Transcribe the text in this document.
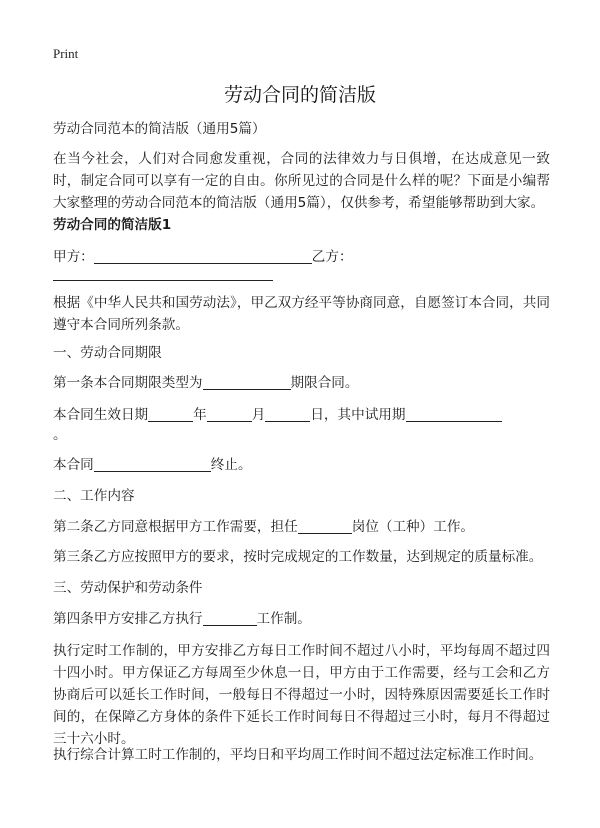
Print
劳动合同的简洁版
劳动合同范本的简洁版（通用5篇）
在当今社会，人们对合同愈发重视，合同的法律效力与日俱增，在达成意见一致时，制定合同可以享有一定的自由。你所见过的合同是什么样的呢？下面是小编帮大家整理的劳动合同范本的简洁版（通用5篇），仅供参考，希望能够帮助到大家。
劳动合同的简洁版1
甲方：	乙方：
根据《中华人民共和国劳动法》，甲乙双方经平等协商同意，自愿签订本合同，共同遵守本合同所列条款。
一、劳动合同期限
第一条本合同期限类型为	期限合同。
本合同生效日期	年	月	日，其中试用期
。
本合同	终止。
二、工作内容
第二条乙方同意根据甲方工作需要，担任	岗位（工种）工作。
第三条乙方应按照甲方的要求，按时完成规定的工作数量，达到规定的质量标准。
三、劳动保护和劳动条件
第四条甲方安排乙方执行	工作制。
执行定时工作制的，甲方安排乙方每日工作时间不超过八小时，平均每周不超过四十四小时。甲方保证乙方每周至少休息一日，甲方由于工作需要，经与工会和乙方协商后可以延长工作时间，一般每日不得超过一小时，因特殊原因需要延长工作时间的，在保障乙方身体的条件下延长工作时间每日不得超过三小时，每月不得超过三十六小时。
执行综合计算工时工作制的，平均日和平均周工作时间不超过法定标准工作时间。
